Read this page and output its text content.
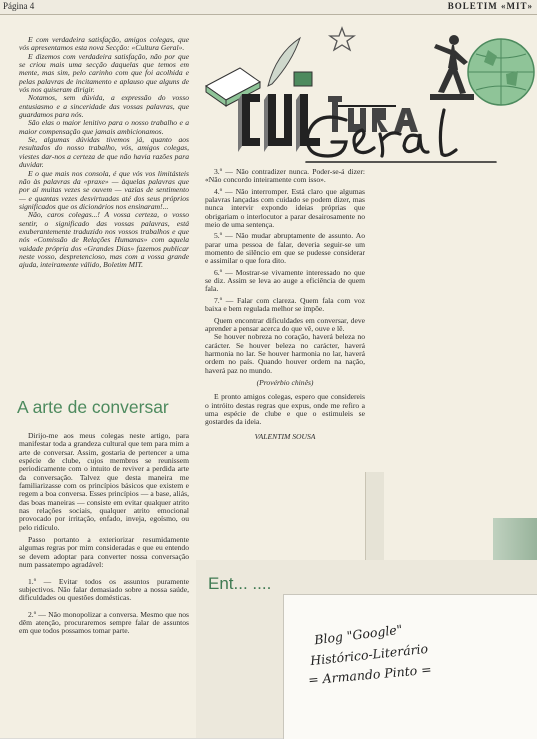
Página 4	BOLETIM «MIT»

E com verdadeira satisfação, amigos colegas, que vós apresentamos esta nova Secção: «Cultura Geral».

E dizemos com verdadeira satisfação, não por que se criou mais uma secção daquelas que temos em mente, mas sim, pelo carinho com que foi acolhida e pelas palavras de incitamento e aplauso que alguns de vós nos quiseram dirigir.

Notamos, sem dúvida, a expressão do vosso entusiasmo e a sinceridade das vossas palavras, que guardamos para nós.

São elas o maior lenitivo para o nosso trabalho e a maior compensação que jamais ambicionamos.

Se, algumas dúvidas tivemos já, quanto aos resultados do nosso trabalho, vós, amigos colegas, viestes dar-nos a certeza de que não havia razões para duvidar.

E o que mais nos consola, é que vós vos limitásteis não às palavras da «praxe» — àquelas palavras que por aí muitas vezes se ouvem — vazias de sentimento — e quantas vezes desvirtuadas até dos seus próprios significados que os dicionários nos ensinaram!...

Não, caros colegas...! A vossa certeza, o vosso sentir, o significado das vossas palavras, está exuberantemente traduzido nos vossos trabalhos e que nós «Comissão de Relações Humanas» com aquela vaidade própria dos «Grandes Dias» fazemos publicar neste vosso, despretencioso, mas com a vossa grande ajuda, inteiramente válido, Boletim MIT.

A arte de conversar

Dirijo-me aos meus colegas neste artigo, para manifestar toda a grandeza cultural que tem para mim a arte de conversar. Assim, gostaria de pertencer a uma espécie de clube, cujos membros se reunissem periodicamente com o intuito de reviver a perdida arte da conversação. Talvez que desta maneira me familiarizasse com os princípios básicos que existem e regem a boa conversa. Esses princípios — a base, aliás, das boas maneiras — consiste em evitar qualquer atrito nas relações sociais, qualquer atrito emocional provocado por irritação, enfado, inveja, egoísmo, ou pelo ridículo.

Passo portanto a exteriorizar resumidamente algumas regras por mim consideradas e que eu entendo se devem adoptar para converter nossa conversação num passatempo agradável:

1.º — Evitar todos os assuntos puramente subjectivos. Não falar demasiado sobre a nossa saúde, dificuldades ou questões domésticas.

2.º — Não monopolizar a conversa. Mesmo que nos dêm atenção, procuraremos sempre falar de assuntos em que todos possamos tomar parte.

3.º — Não contradizer nunca. Poder-se-á dizer: «Não concordo inteiramente com isso».

4.º — Não interromper. Está claro que algumas palavras lançadas com cuidado se podem dizer, mas nunca intervir expondo ideias próprias que obrigariam o interlocutor a parar desairosamente no meio de uma sentença.

5.º — Não mudar abruptamente de assunto. Ao parar uma pessoa de falar, deveria seguir-se um momento de silêncio em que se pudesse considerar e assimilar o que fora dito.

6.º — Mostrar-se vivamente interessado no que se diz. Assim se leva ao auge a eficiência de quem fala.

7.º — Falar com clareza. Quem fala com voz baixa e bem regulada melhor se impõe.

Quem encontrar dificuldades em conversar, deve aprender a pensar acerca do que vê, ouve e lê.

Se houver nobreza no coração, haverá beleza no carácter. Se houver beleza no carácter, haverá harmonia no lar. Se houver harmonia no lar, haverá ordem no país. Quando houver ordem na nação, haverá paz no mundo.

(Provérbio chinês)

E pronto amigos colegas, espero que considereis o intróito destas regras que expus, onde me refiro a uma espécie de clube e que o estimuleis se gostardes da ideia.

VALENTIM SOUSA

Ent... ....
Blog "Google"
Histórico-Literário
= Armando Pinto =
